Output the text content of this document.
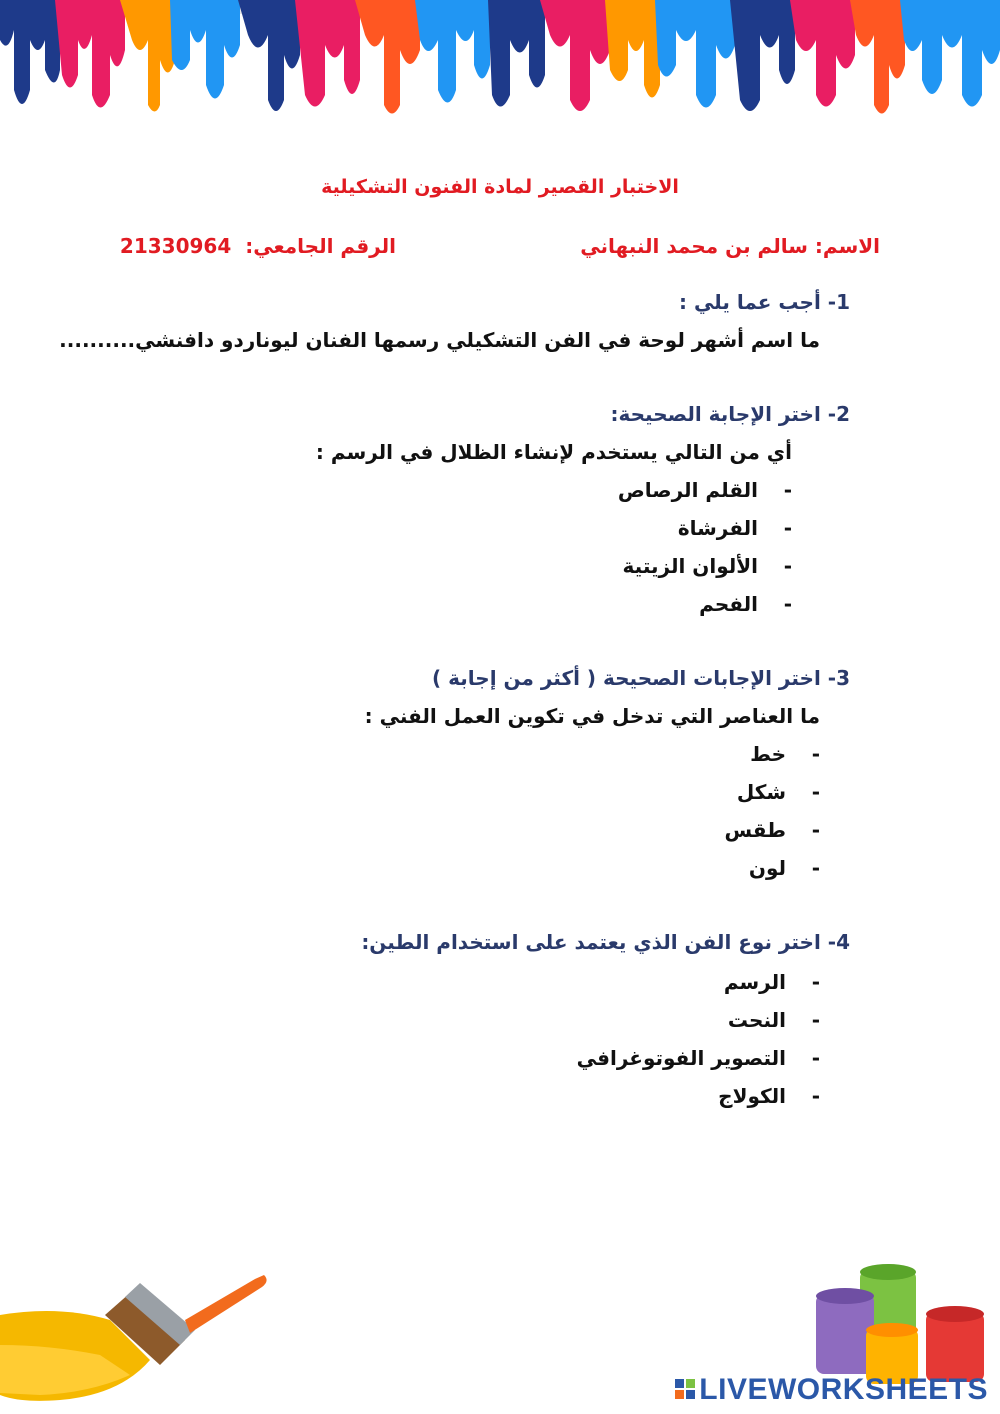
الاختبار القصير لمادة الفنون التشكيلية
الاسم: سالم بن محمد النبهاني
الرقم الجامعي:21330964
1- أجب عما يلي :
ما اسم أشهر لوحة في الفن التشكيلي رسمها الفنان ليوناردو دافنشي..........
2- اختر الإجابة الصحيحة:
أي من التالي يستخدم لإنشاء الظلال في الرسم :
-القلم الرصاص
-الفرشاة
-الألوان الزيتية
-الفحم
3- اختر الإجابات الصحيحة ( أكثر من إجابة )
ما العناصر التي تدخل في تكوين العمل الفني :
-خط
-شكل
-طقس
-لون
4- اختر نوع الفن الذي يعتمد على استخدام الطين:
-الرسم
-النحت
-التصوير الفوتوغرافي
-الكولاج
LIVEWORKSHEETS
